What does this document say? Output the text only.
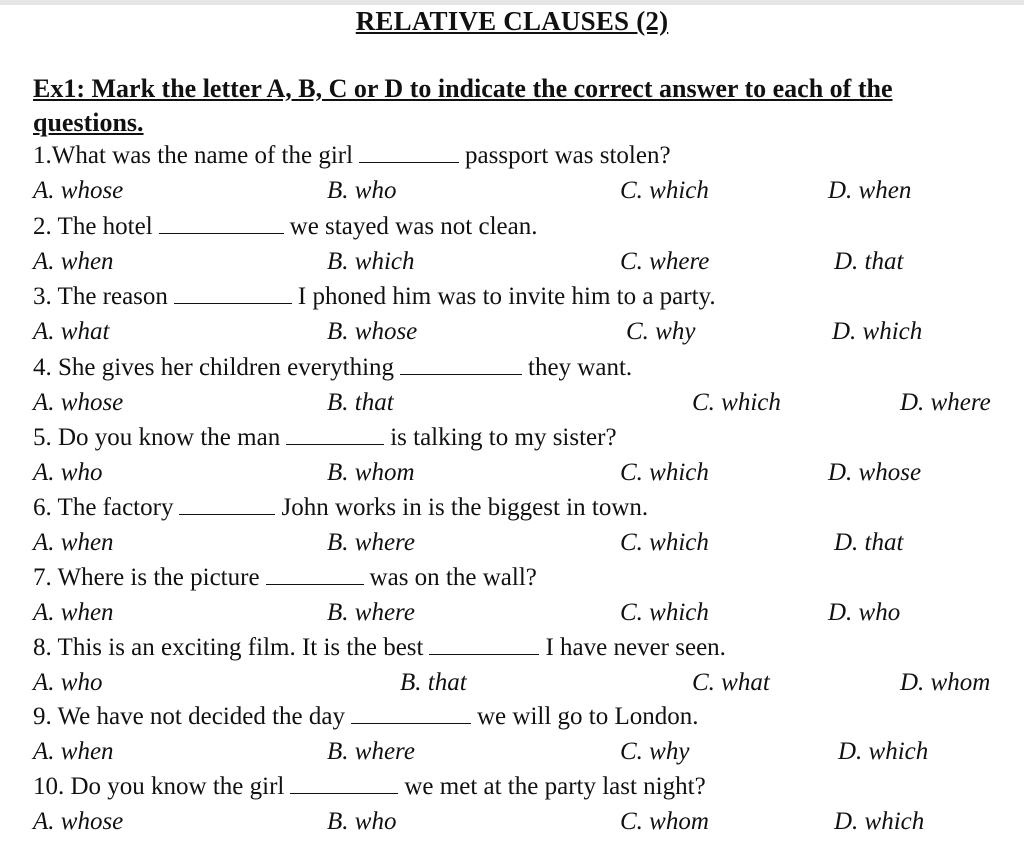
RELATIVE CLAUSES (2)
Ex1: Mark the letter A, B, C or D to indicate the correct answer to each of the questions.
1.What was the name of the girl	passport was stolen?
A. whose	B. who	C. which	D. when
2. The hotel	we stayed was not clean.
A. when	B. which	C. where	D. that
3. The reason	I phoned him was to invite him to a party.
A. what	B. whose	C. why	D. which
4. She gives her children everything	they want.
A. whose	B. that	C. which	D. where
5. Do you know the man	is talking to my sister?
A. who	B. whom	C. which	D. whose
6. The factory	John works in is the biggest in town.
A. when	B. where	C. which	D. that
7. Where is the picture	was on the wall?
A. when	B. where	C. which	D. who
8. This is an exciting film. It is the best	I have never seen.
A. who	B. that	C. what	D. whom
9. We have not decided the day	we will go to London.
A. when	B. where	C. why	D. which
10. Do you know the girl	we met at the party last night?
A. whose	B. who	C. whom	D. which
